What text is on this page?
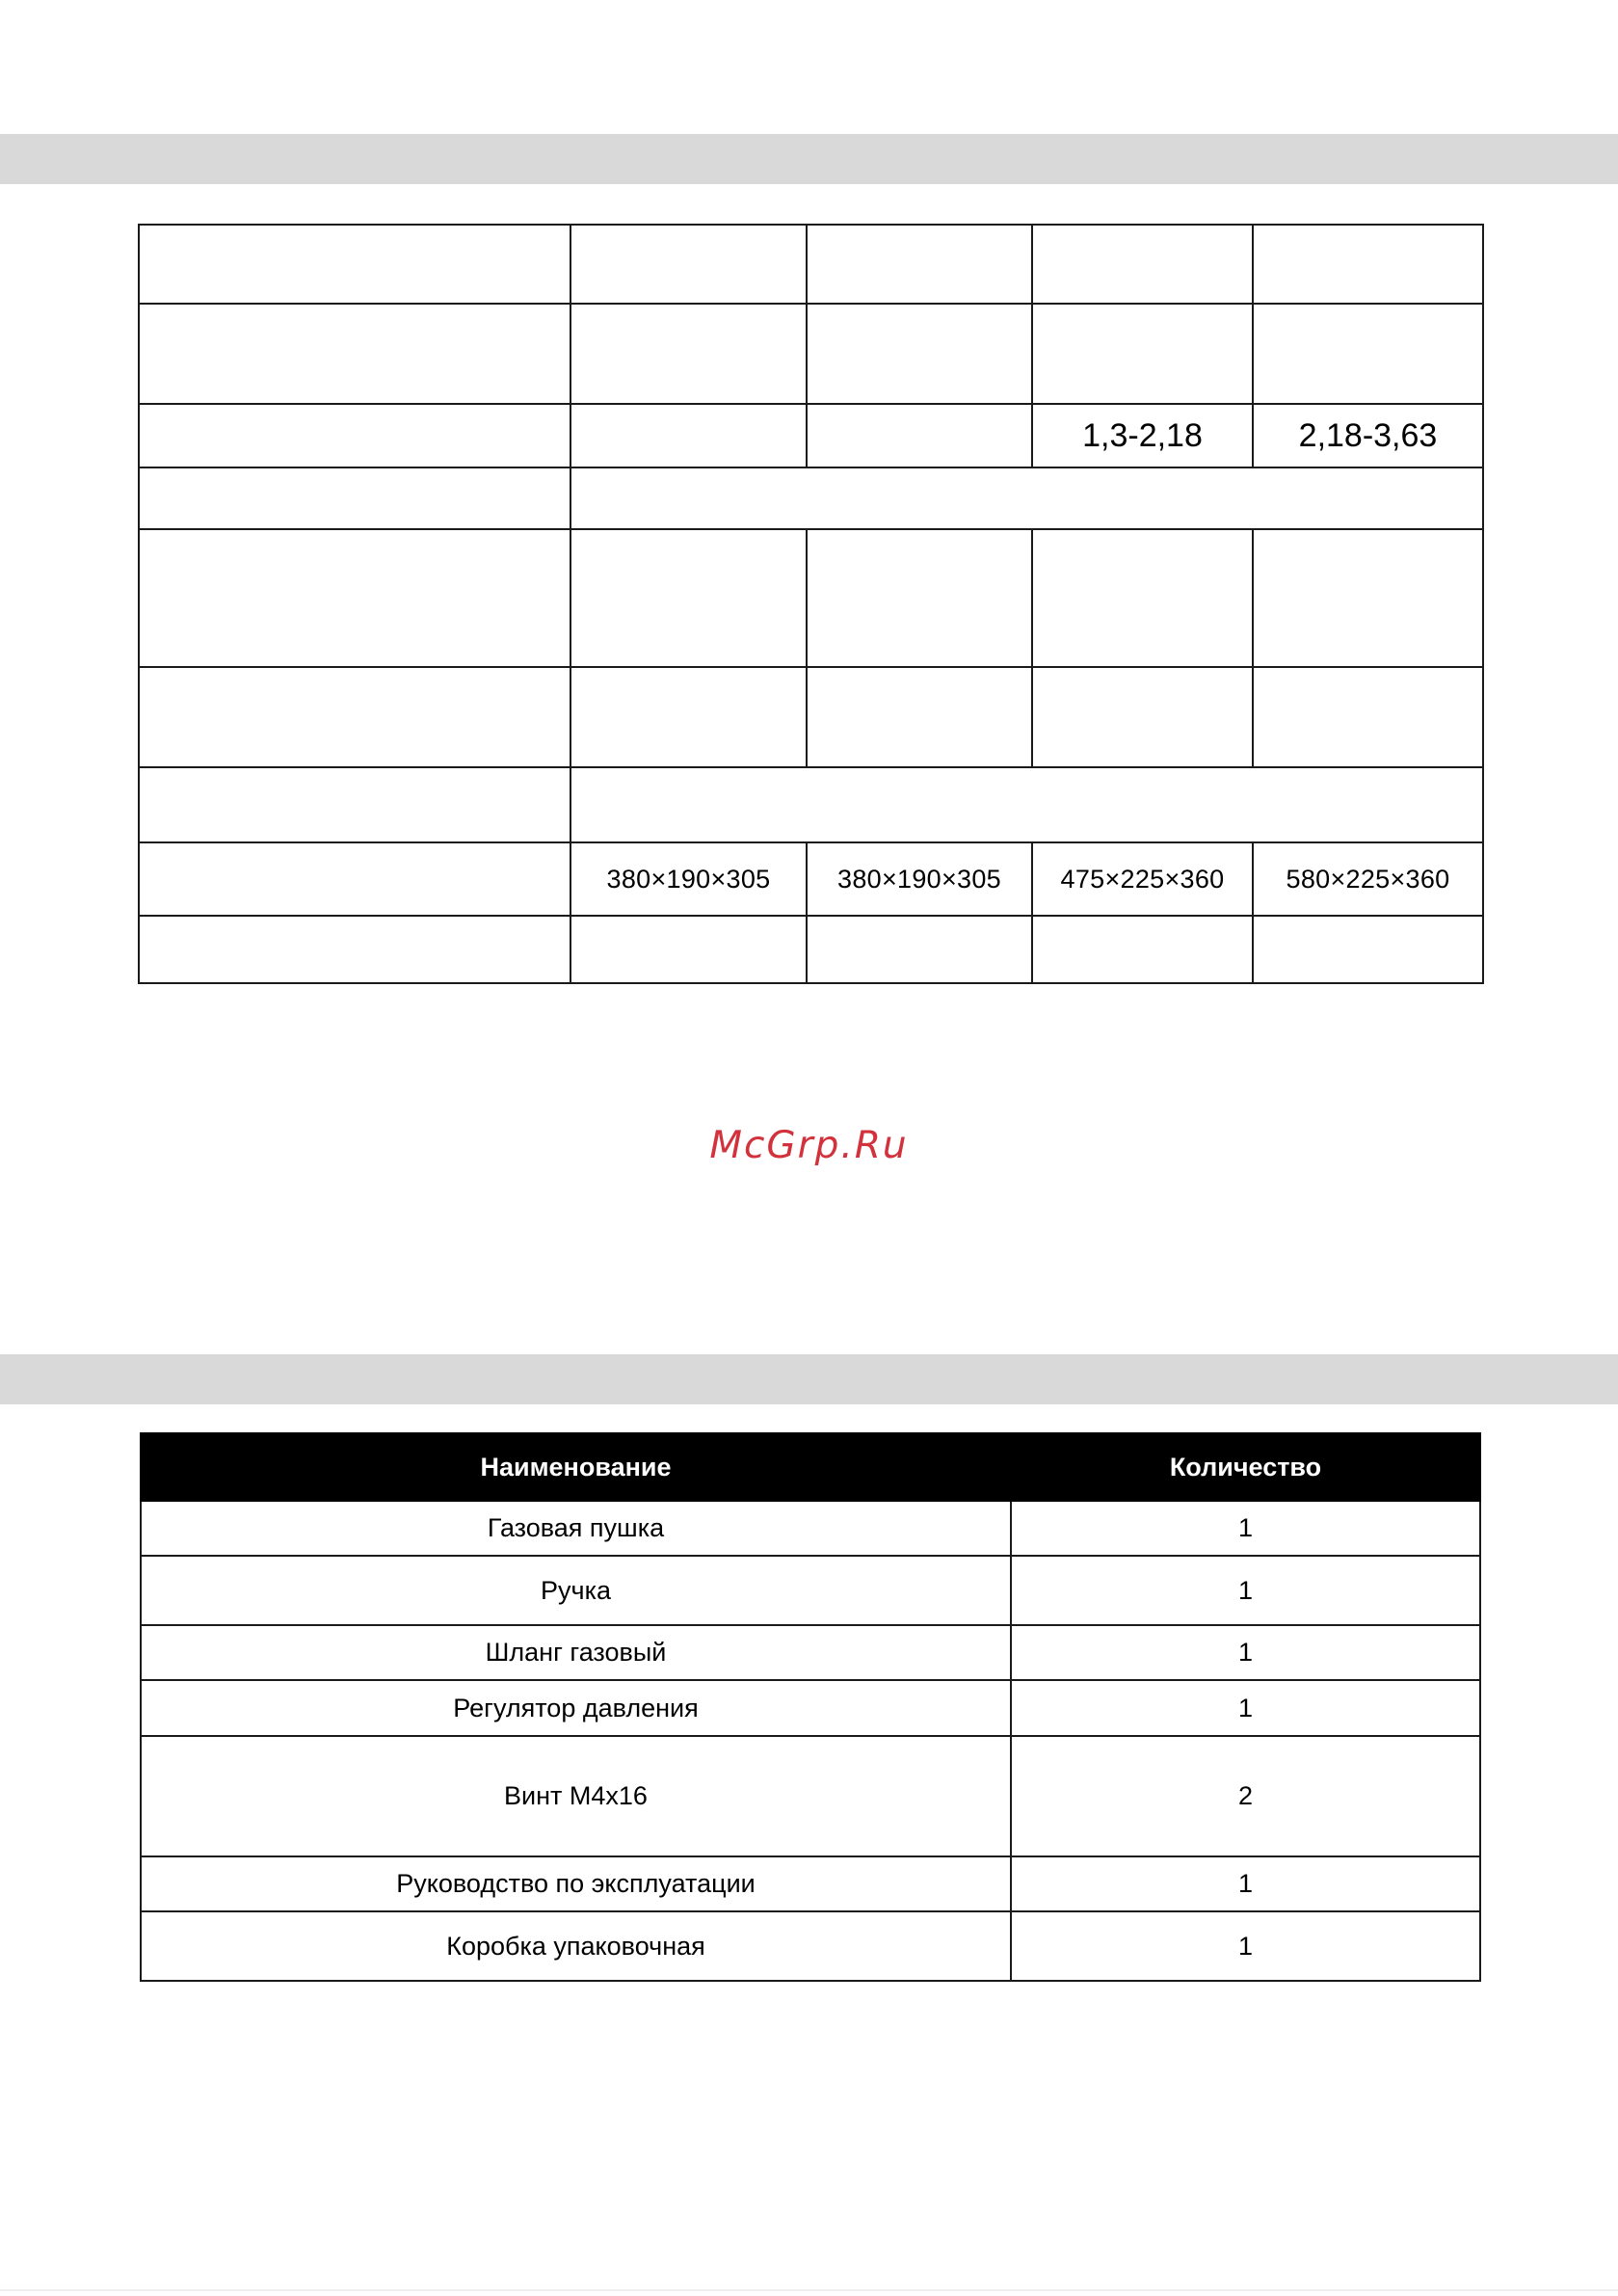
			1,3-2,18	2,18-3,63

	380×190×305	380×190×305	475×225×360	580×225×360

McGrp.Ru
Наименование	Количество
Газовая пушка	1
Ручка	1
Шланг газовый	1
Регулятор давления	1
Винт М4х16	2
Руководство по эксплуатации	1
Коробка упаковочная	1
